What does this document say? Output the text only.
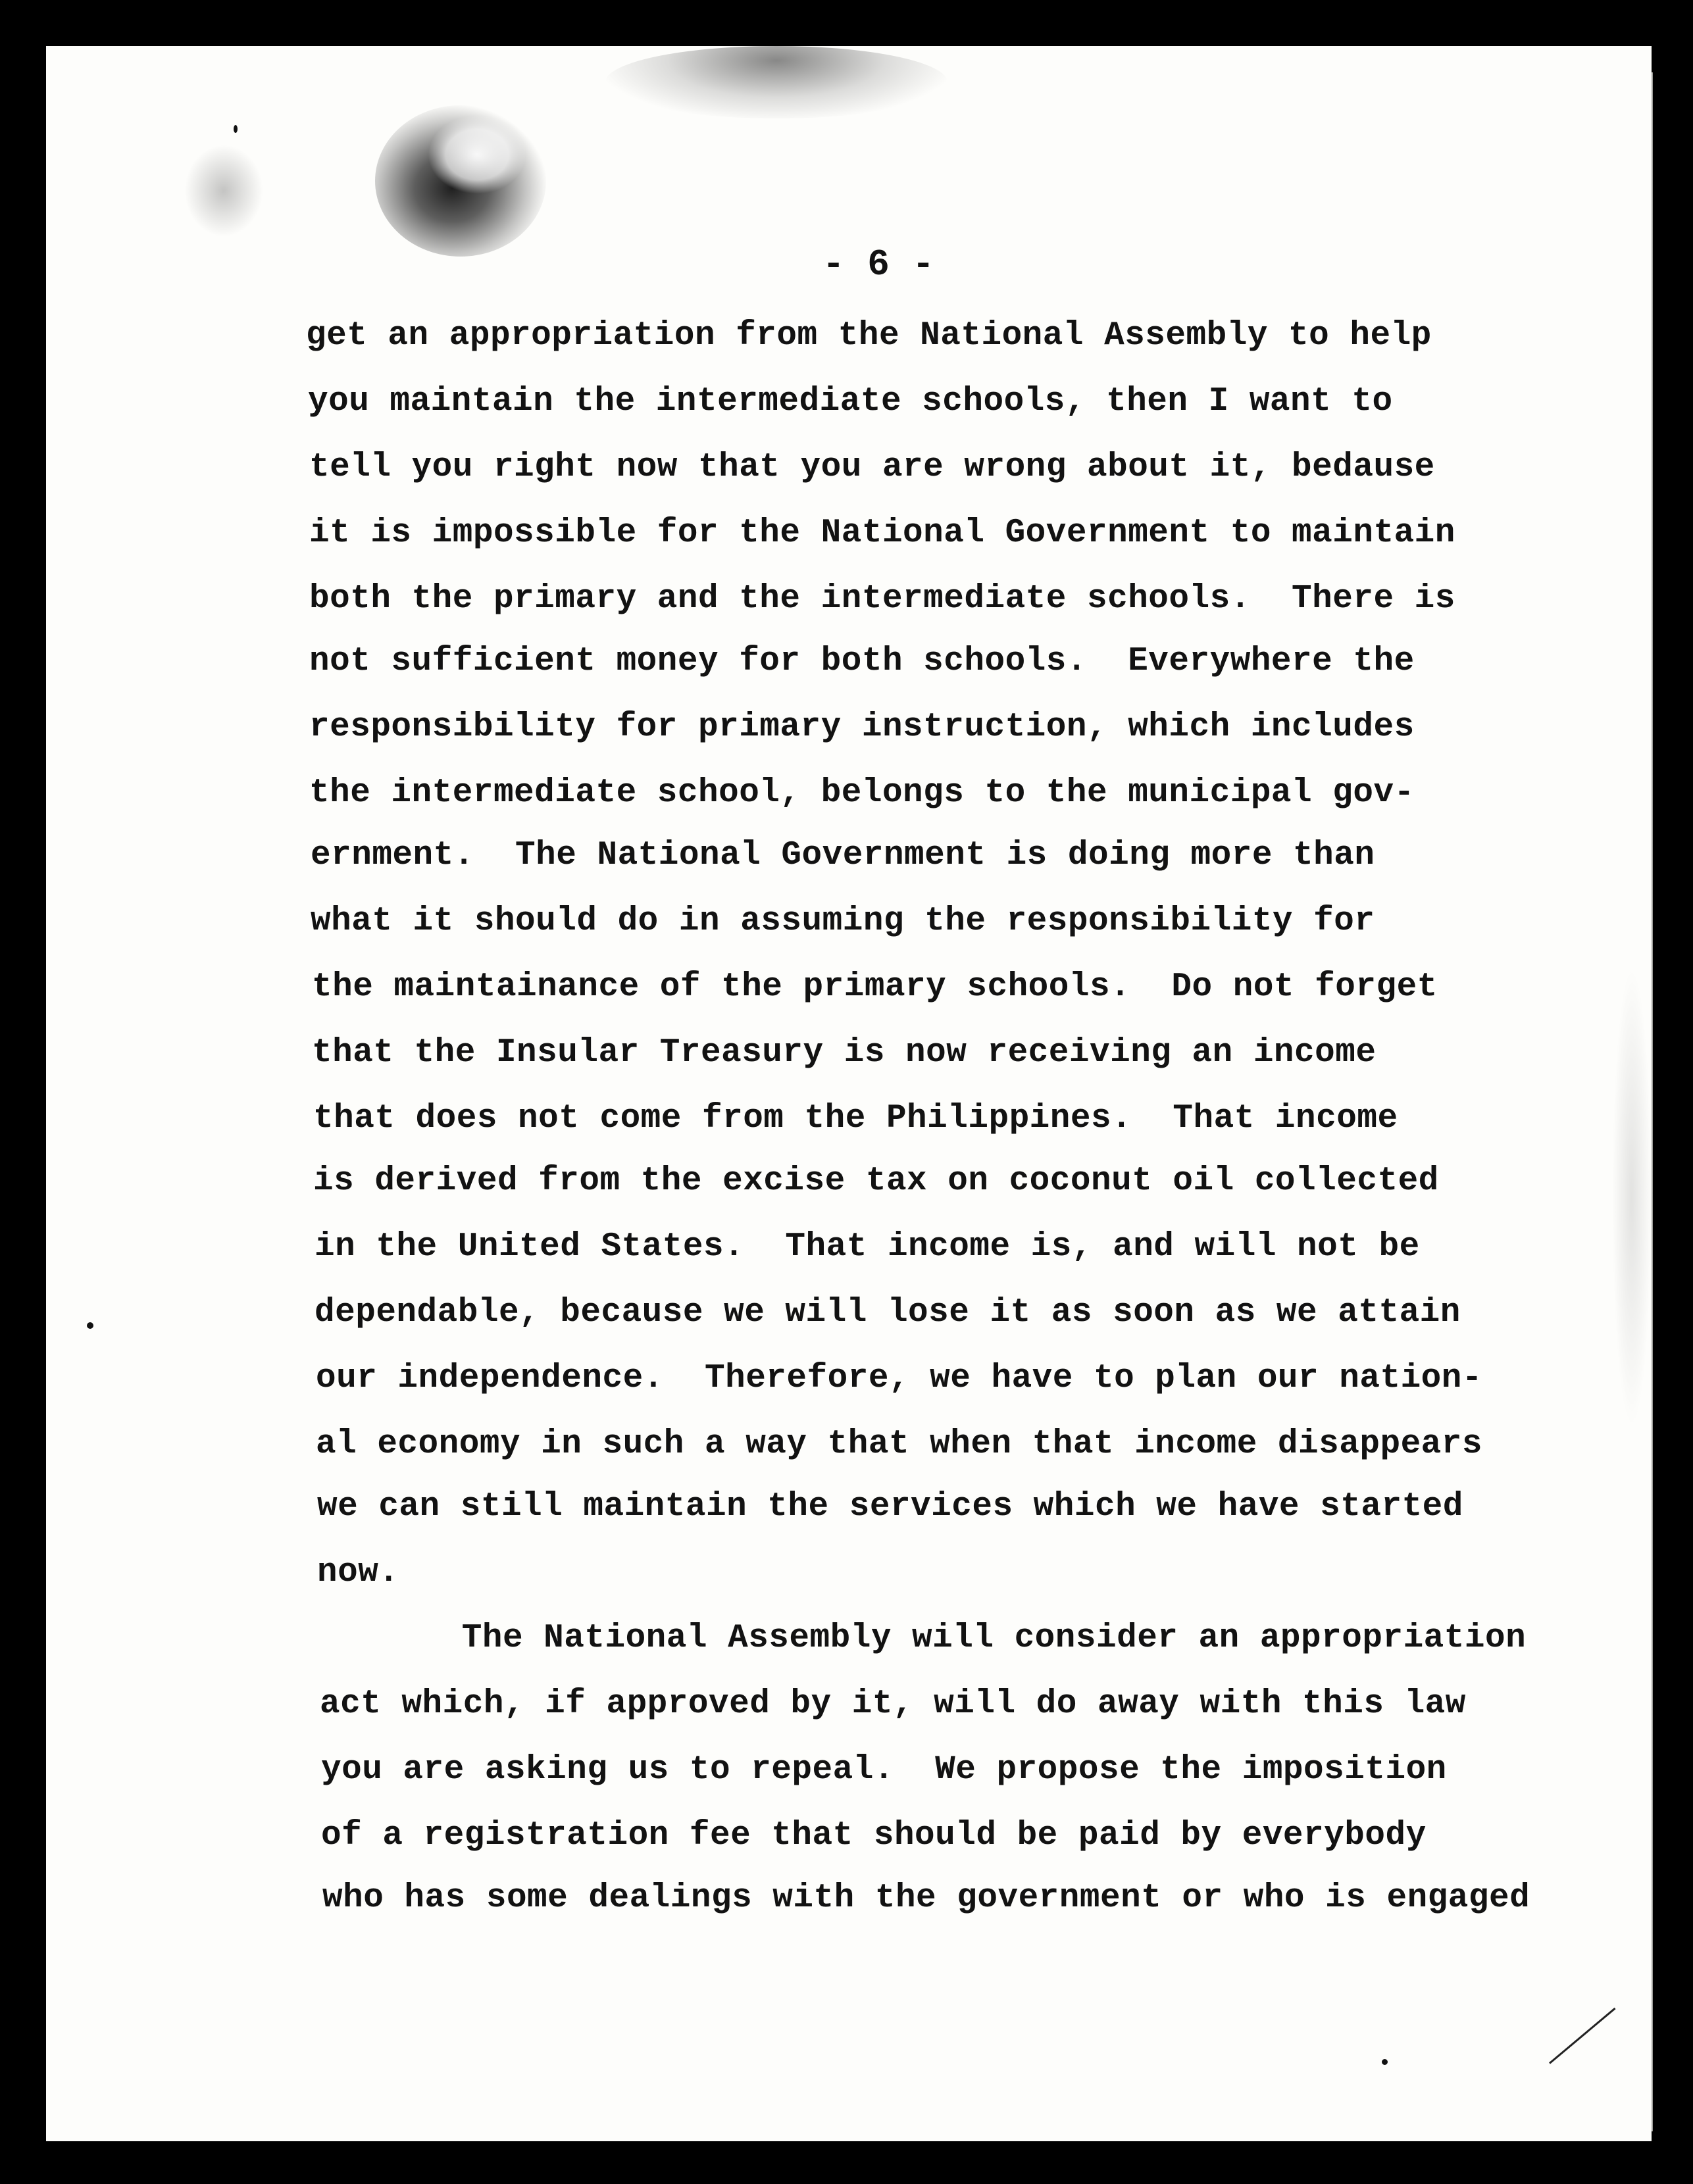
- 6 -
get an appropriation from the National Assembly to help
you maintain the intermediate schools, then I want to
tell you right now that you are wrong about it, bedause
it is impossible for the National Government to maintain
both the primary and the intermediate schools.  There is
not sufficient money for both schools.  Everywhere the
responsibility for primary instruction, which includes
the intermediate school, belongs to the municipal gov-
ernment.  The National Government is doing more than
what it should do in assuming the responsibility for
the maintainance of the primary schools.  Do not forget
that the Insular Treasury is now receiving an income
that does not come from the Philippines.  That income
is derived from the excise tax on coconut oil collected
in the United States.  That income is, and will not be
dependable, because we will lose it as soon as we attain
our independence.  Therefore, we have to plan our nation-
al economy in such a way that when that income disappears
we can still maintain the services which we have started
now.
The National Assembly will consider an appropriation
act which, if approved by it, will do away with this law
you are asking us to repeal.  We propose the imposition
of a registration fee that should be paid by everybody
who has some dealings with the government or who is engaged
